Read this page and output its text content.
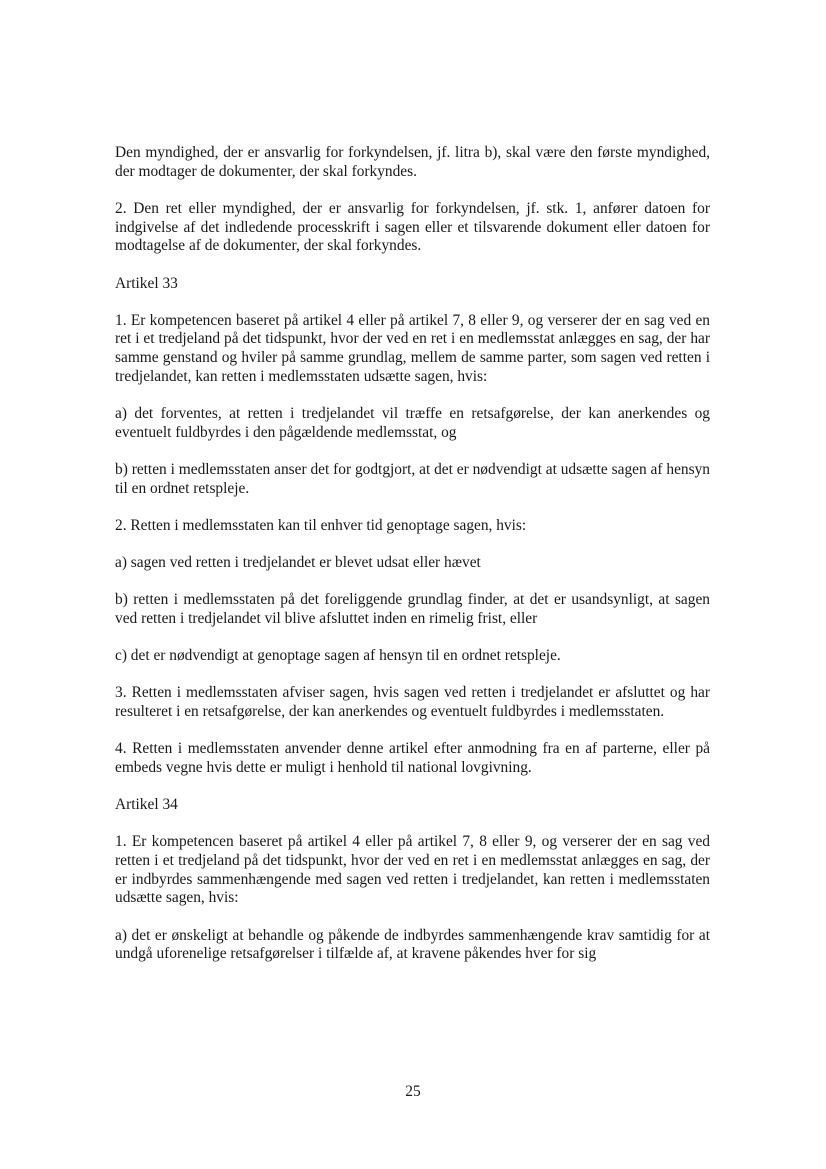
Den myndighed, der er ansvarlig for forkyndelsen, jf. litra b), skal være den første myndighed, der modtager de dokumenter, der skal forkyndes.

2. Den ret eller myndighed, der er ansvarlig for forkyndelsen, jf. stk. 1, anfører datoen for indgivelse af det indledende processkrift i sagen eller et tilsvarende dokument eller datoen for modtagelse af de dokumenter, der skal forkyndes.

Artikel 33

1. Er kompetencen baseret på artikel 4 eller på artikel 7, 8 eller 9, og verserer der en sag ved en ret i et tredjeland på det tidspunkt, hvor der ved en ret i en medlemsstat anlægges en sag, der har samme genstand og hviler på samme grundlag, mellem de samme parter, som sagen ved retten i tredjelandet, kan retten i medlemsstaten udsætte sagen, hvis:

a) det forventes, at retten i tredjelandet vil træffe en retsafgørelse, der kan anerkendes og eventuelt fuldbyrdes i den pågældende medlemsstat, og

b) retten i medlemsstaten anser det for godtgjort, at det er nødvendigt at udsætte sagen af hensyn til en ordnet retspleje.

2. Retten i medlemsstaten kan til enhver tid genoptage sagen, hvis:

a) sagen ved retten i tredjelandet er blevet udsat eller hævet

b) retten i medlemsstaten på det foreliggende grundlag finder, at det er usandsynligt, at sagen ved retten i tredjelandet vil blive afsluttet inden en rimelig frist, eller

c) det er nødvendigt at genoptage sagen af hensyn til en ordnet retspleje.

3. Retten i medlemsstaten afviser sagen, hvis sagen ved retten i tredjelandet er afsluttet og har resulteret i en retsafgørelse, der kan anerkendes og eventuelt fuldbyrdes i medlemsstaten.

4. Retten i medlemsstaten anvender denne artikel efter anmodning fra en af parterne, eller på embeds vegne hvis dette er muligt i henhold til national lovgivning.

Artikel 34

1. Er kompetencen baseret på artikel 4 eller på artikel 7, 8 eller 9, og verserer der en sag ved retten i et tredjeland på det tidspunkt, hvor der ved en ret i en medlemsstat anlægges en sag, der er indbyrdes sammenhængende med sagen ved retten i tredjelandet, kan retten i medlemsstaten udsætte sagen, hvis:

a) det er ønskeligt at behandle og påkende de indbyrdes sammenhængende krav samtidig for at undgå uforenelige retsafgørelser i tilfælde af, at kravene påkendes hver for sig

25
